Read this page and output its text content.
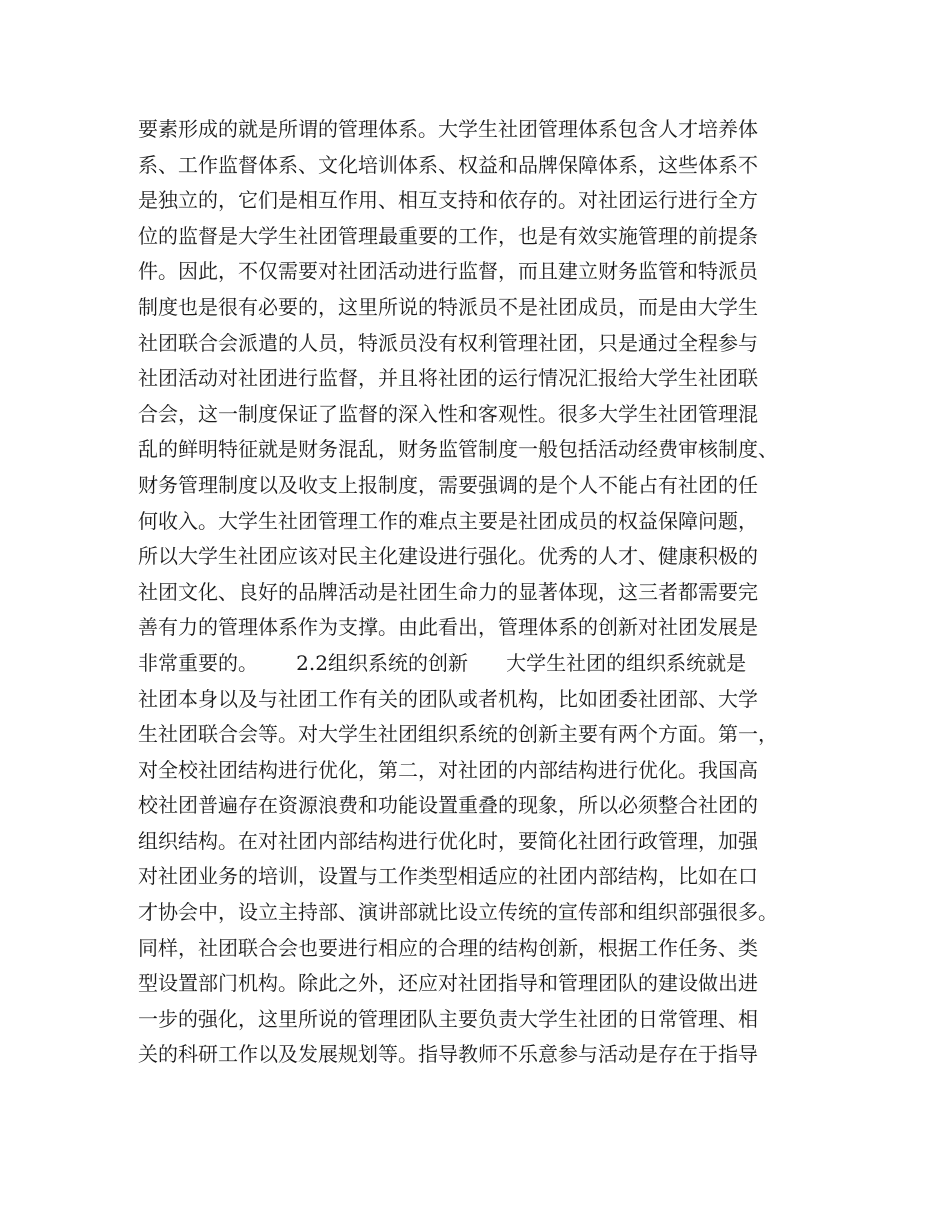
要素形成的就是所谓的管理体系。大学生社团管理体系包含人才培养体
系、工作监督体系、文化培训体系、权益和品牌保障体系，这些体系不
是独立的，它们是相互作用、相互支持和依存的。对社团运行进行全方
位的监督是大学生社团管理最重要的工作，也是有效实施管理的前提条
件。因此，不仅需要对社团活动进行监督，而且建立财务监管和特派员
制度也是很有必要的，这里所说的特派员不是社团成员，而是由大学生
社团联合会派遣的人员，特派员没有权利管理社团，只是通过全程参与
社团活动对社团进行监督，并且将社团的运行情况汇报给大学生社团联
合会，这一制度保证了监督的深入性和客观性。很多大学生社团管理混
乱的鲜明特征就是财务混乱，财务监管制度一般包括活动经费审核制度、
财务管理制度以及收支上报制度，需要强调的是个人不能占有社团的任
何收入。大学生社团管理工作的难点主要是社团成员的权益保障问题，
所以大学生社团应该对民主化建设进行强化。优秀的人才、健康积极的
社团文化、良好的品牌活动是社团生命力的显著体现，这三者都需要完
善有力的管理体系作为支撑。由此看出，管理体系的创新对社团发展是
非常重要的。      2.2组织系统的创新      大学生社团的组织系统就是
社团本身以及与社团工作有关的团队或者机构，比如团委社团部、大学
生社团联合会等。对大学生社团组织系统的创新主要有两个方面。第一，
对全校社团结构进行优化，第二，对社团的内部结构进行优化。我国高
校社团普遍存在资源浪费和功能设置重叠的现象，所以必须整合社团的
组织结构。在对社团内部结构进行优化时，要简化社团行政管理，加强
对社团业务的培训，设置与工作类型相适应的社团内部结构，比如在口
才协会中，设立主持部、演讲部就比设立传统的宣传部和组织部强很多。
同样，社团联合会也要进行相应的合理的结构创新，根据工作任务、类
型设置部门机构。除此之外，还应对社团指导和管理团队的建设做出进
一步的强化，这里所说的管理团队主要负责大学生社团的日常管理、相
关的科研工作以及发展规划等。指导教师不乐意参与活动是存在于指导
